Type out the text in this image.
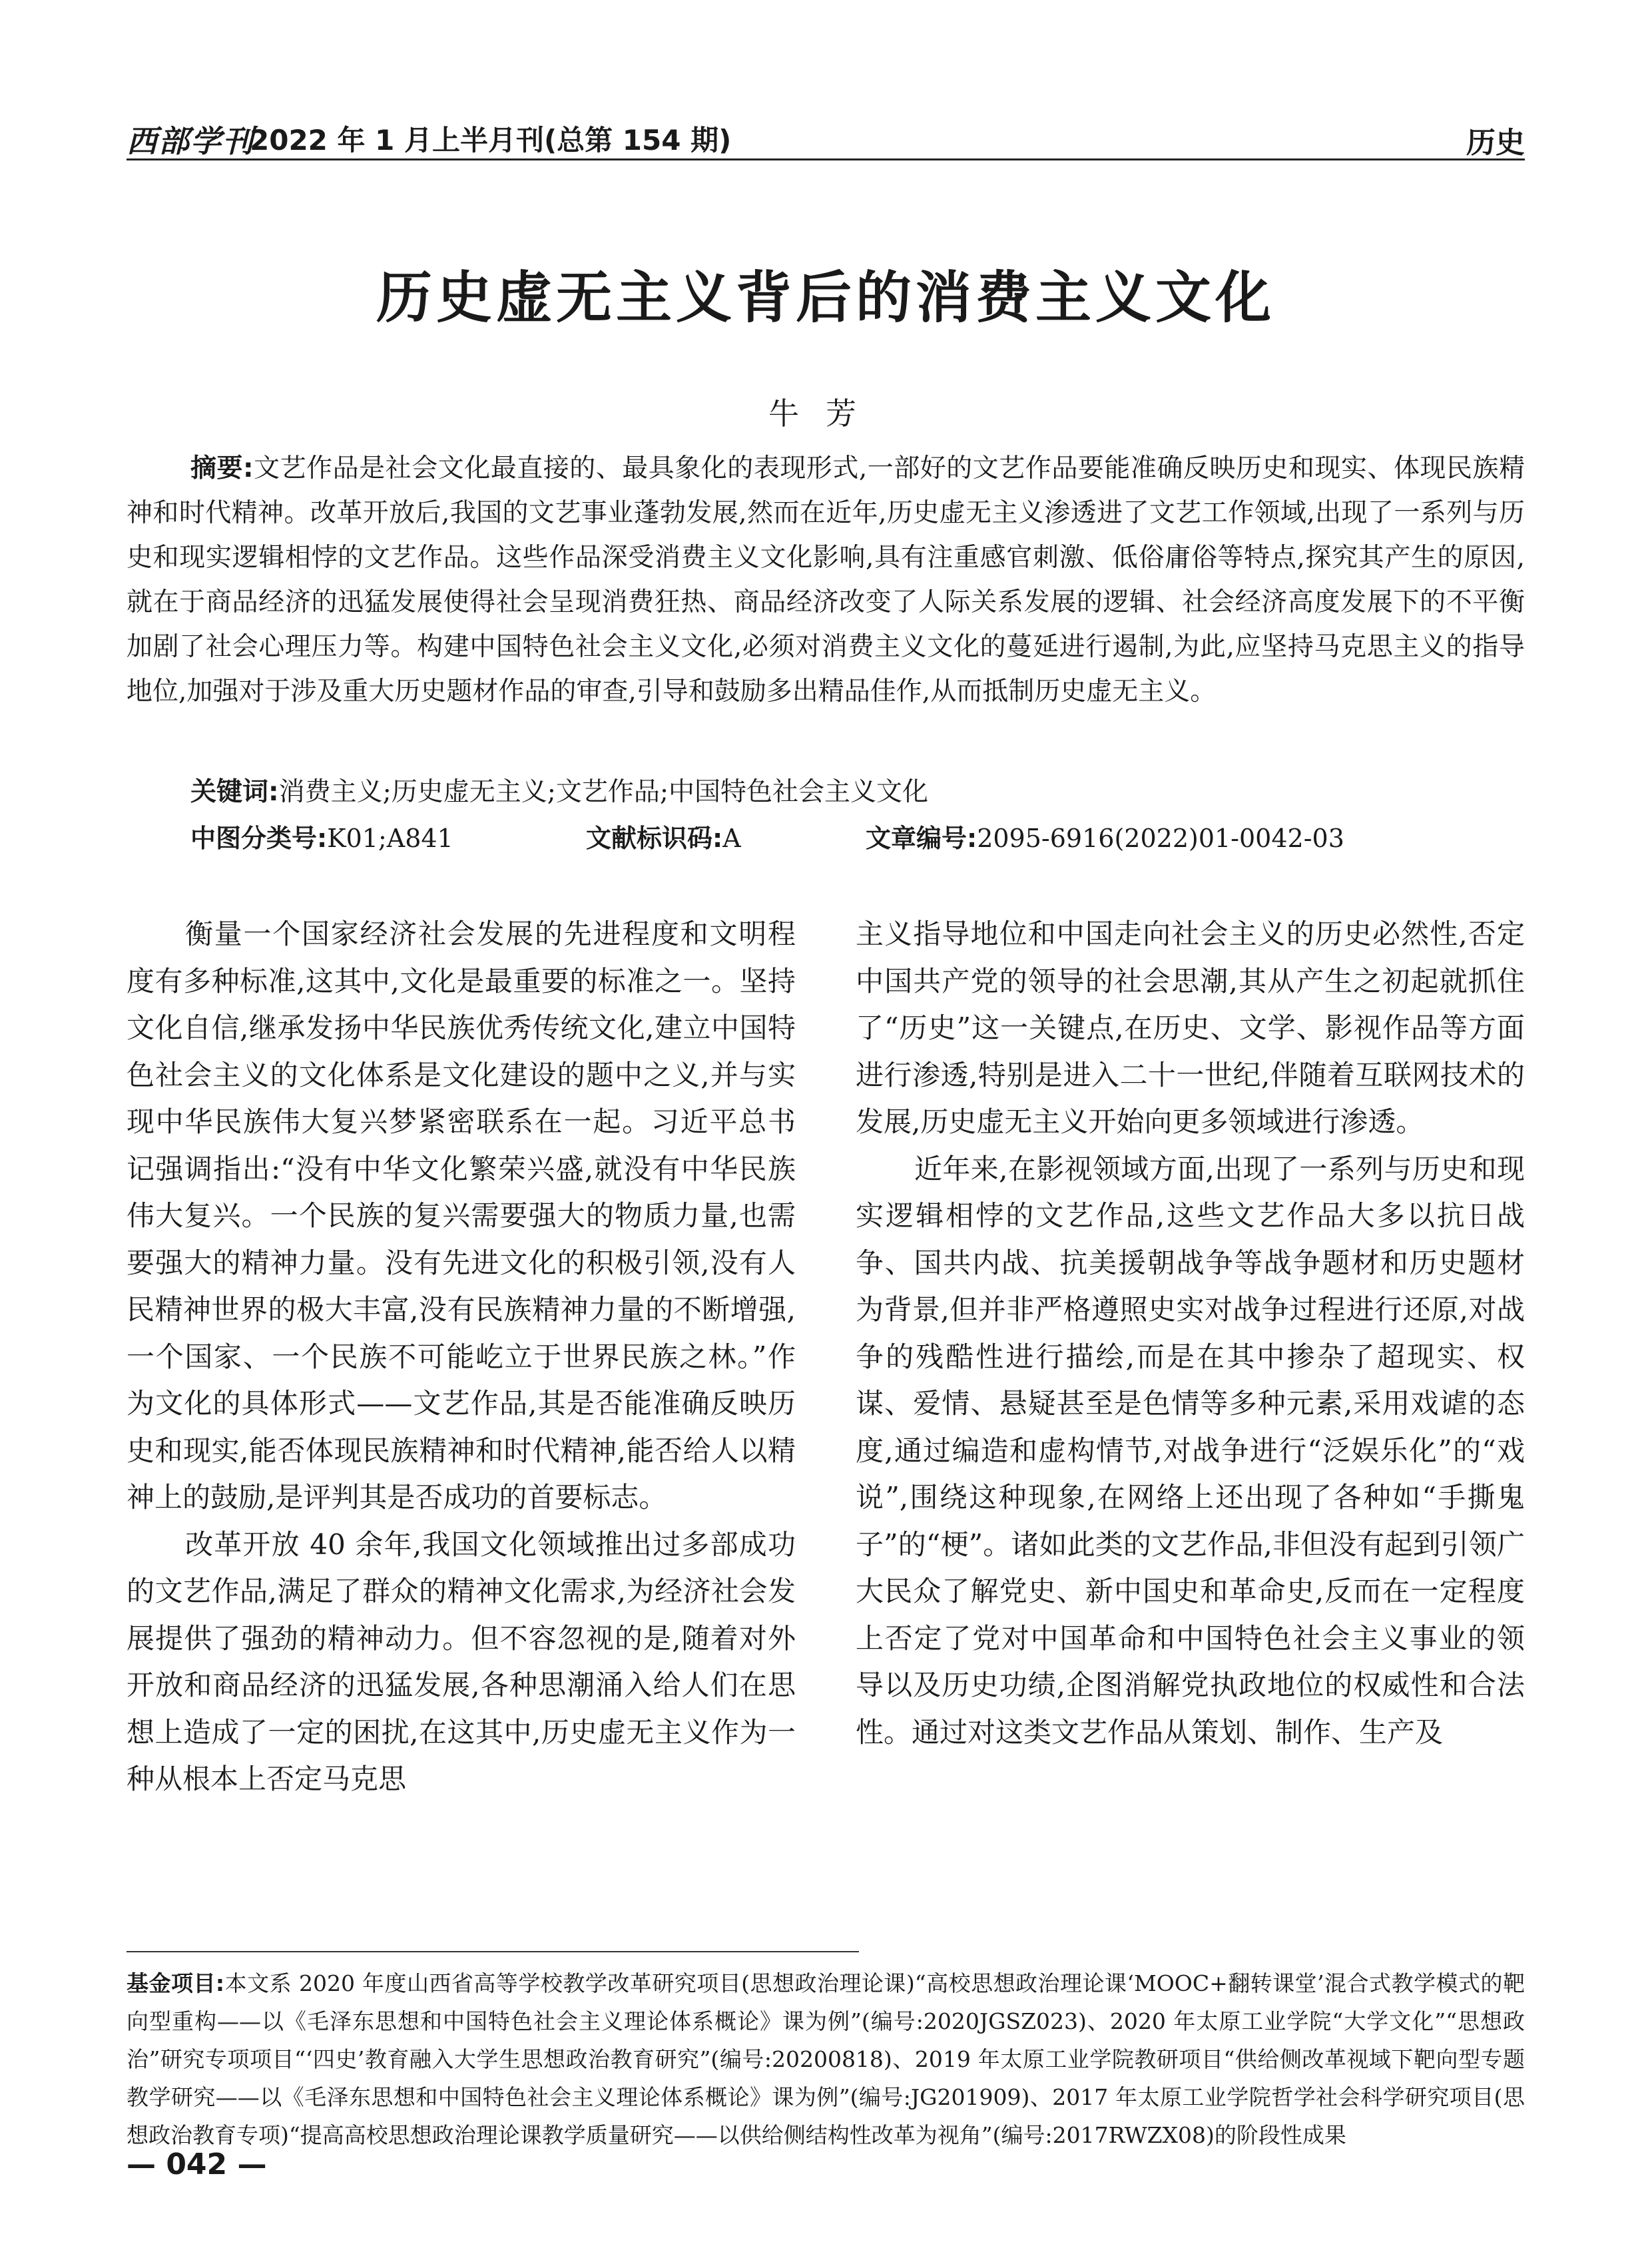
西部学刊
2022 年 1 月上半月刊(总第 154 期)	历史
历史虚无主义背后的消费主义文化
牛芳
摘要:文艺作品是社会文化最直接的、最具象化的表现形式,一部好的文艺作品要能准确反映历史和现实、体现民族精神和时代精神。改革开放后,我国的文艺事业蓬勃发展,然而在近年,历史虚无主义渗透进了文艺工作领域,出现了一系列与历史和现实逻辑相悖的文艺作品。这些作品深受消费主义文化影响,具有注重感官刺激、低俗庸俗等特点,探究其产生的原因,就在于商品经济的迅猛发展使得社会呈现消费狂热、商品经济改变了人际关系发展的逻辑、社会经济高度发展下的不平衡加剧了社会心理压力等。构建中国特色社会主义文化,必须对消费主义文化的蔓延进行遏制,为此,应坚持马克思主义的指导地位,加强对于涉及重大历史题材作品的审查,引导和鼓励多出精品佳作,从而抵制历史虚无主义。
关键词:消费主义;历史虚无主义;文艺作品;中国特色社会主义文化
中图分类号:K01;A841	文献标识码:A	文章编号:2095-6916(2022)01-0042-03

衡量一个国家经济社会发展的先进程度和文明程度有多种标准,这其中,文化是最重要的标准之一。坚持文化自信,继承发扬中华民族优秀传统文化,建立中国特色社会主义的文化体系是文化建设的题中之义,并与实现中华民族伟大复兴梦紧密联系在一起。习近平总书记强调指出:“没有中华文化繁荣兴盛,就没有中华民族伟大复兴。一个民族的复兴需要强大的物质力量,也需要强大的精神力量。没有先进文化的积极引领,没有人民精神世界的极大丰富,没有民族精神力量的不断增强,一个国家、一个民族不可能屹立于世界民族之林。”作为文化的具体形式——文艺作品,其是否能准确反映历史和现实,能否体现民族精神和时代精神,能否给人以精神上的鼓励,是评判其是否成功的首要标志。

改革开放 40 余年,我国文化领域推出过多部成功的文艺作品,满足了群众的精神文化需求,为经济社会发展提供了强劲的精神动力。但不容忽视的是,随着对外开放和商品经济的迅猛发展,各种思潮涌入给人们在思想上造成了一定的困扰,在这其中,历史虚无主义作为一种从根本上否定马克思

主义指导地位和中国走向社会主义的历史必然性,否定中国共产党的领导的社会思潮,其从产生之初起就抓住了“历史”这一关键点,在历史、文学、影视作品等方面进行渗透,特别是进入二十一世纪,伴随着互联网技术的发展,历史虚无主义开始向更多领域进行渗透。

近年来,在影视领域方面,出现了一系列与历史和现实逻辑相悖的文艺作品,这些文艺作品大多以抗日战争、国共内战、抗美援朝战争等战争题材和历史题材为背景,但并非严格遵照史实对战争过程进行还原,对战争的残酷性进行描绘,而是在其中掺杂了超现实、权谋、爱情、悬疑甚至是色情等多种元素,采用戏谑的态度,通过编造和虚构情节,对战争进行“泛娱乐化”的“戏说”,围绕这种现象,在网络上还出现了各种如“手撕鬼子”的“梗”。诸如此类的文艺作品,非但没有起到引领广大民众了解党史、新中国史和革命史,反而在一定程度上否定了党对中国革命和中国特色社会主义事业的领导以及历史功绩,企图消解党执政地位的权威性和合法性。通过对这类文艺作品从策划、制作、生产及

基金项目:本文系 2020 年度山西省高等学校教学改革研究项目(思想政治理论课)“高校思想政治理论课‘MOOC+翻转课堂’混合式教学模式的靶向型重构——以《毛泽东思想和中国特色社会主义理论体系概论》课为例”(编号:2020JGSZ023)、2020 年太原工业学院“大学文化”“思想政治”研究专项项目“‘四史’教育融入大学生思想政治教育研究”(编号:20200818)、2019 年太原工业学院教研项目“供给侧改革视域下靶向型专题教学研究——以《毛泽东思想和中国特色社会主义理论体系概论》课为例”(编号:JG201909)、2017 年太原工业学院哲学社会科学研究项目(思想政治教育专项)“提高高校思想政治理论课教学质量研究——以供给侧结构性改革为视角”(编号:2017RWZX08)的阶段性成果
— 042 —
